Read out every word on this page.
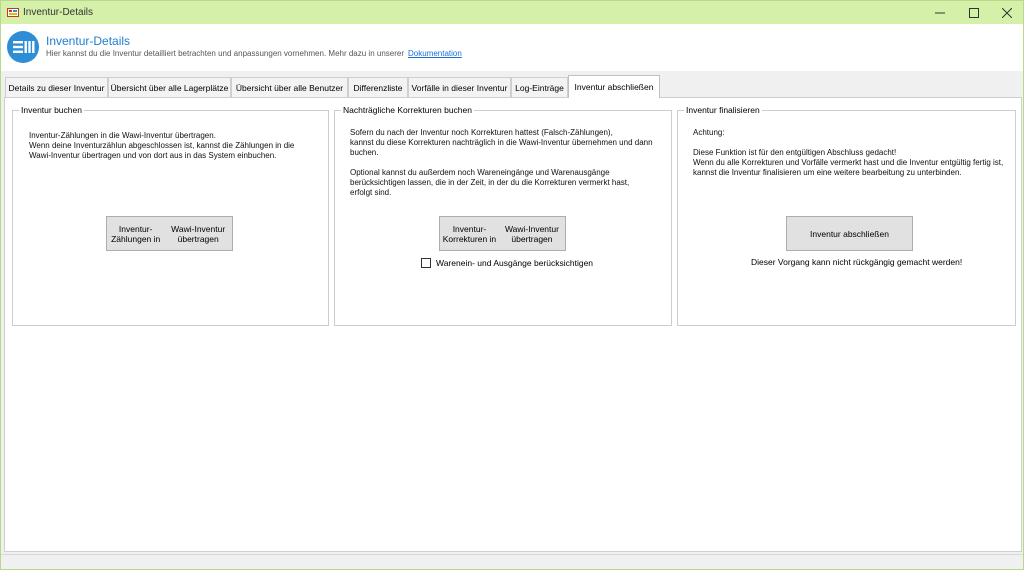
Inventur-Details
Inventur-Details
Hier kannst du die Inventur detailliert betrachten und anpassungen vornehmen. Mehr dazu in unserer Dokumentation
Details zu dieser Inventur Übersicht über alle Lagerplätze Übersicht über alle Benutzer	Differenzliste	Vorfälle in dieser Inventur Log-Einträge	Inventur abschließen
Inventur buchen

Inventur-Zählungen in die Wawi-Inventur übertragen.

Wenn deine Inventurzählun abgeschlossen ist, kannst die Zählungen in die

Wawi-Inventur übertragen und von dort aus in das System einbuchen.

Inventur-Zählungen in
Wawi-Inventur übertragen
Nachträgliche Korrekturen buchen

Sofern du nach der Inventur noch Korrekturen hattest (Falsch-Zählungen),

kannst du diese Korrekturen nachträglich in die Wawi-Inventur übernehmen und dann

buchen.

Optional kannst du außerdem noch Wareneingänge und Warenausgänge

berücksichtigen lassen, die in der Zeit, in der du die Korrekturen vermerkt hast,

erfolgt sind.

Inventur-Korrekturen in
Wawi-Inventur übertragen
Warenein- und Ausgänge berücksichtigen
Inventur finalisieren

Achtung:

Diese Funktion ist für den entgültigen Abschluss gedacht!

Wenn du alle Korrekturen und Vorfälle vermerkt hast und die Inventur entgültig fertig ist,

kannst die Inventur finalisieren um eine weitere bearbeitung zu unterbinden.

Inventur abschließen
Dieser Vorgang kann nicht rückgängig gemacht werden!
